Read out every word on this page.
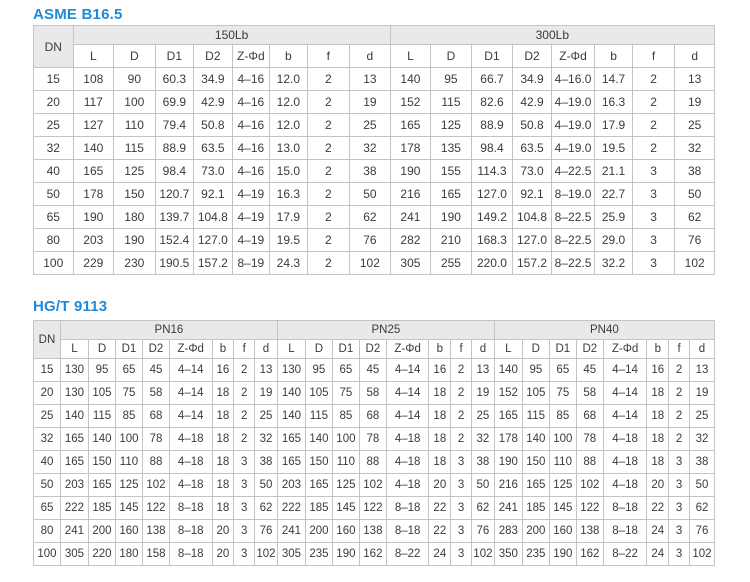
ASME B16.5
DN	150Lb								300Lb							
	L	D	D1	D2	Z-Φd	b	f	d	L	D	D1	D2	Z-Φd	b	f	d
15	108	90	60.3	34.9	4–16	12.0	2	13	140	95	66.7	34.9	4–16.0	14.7	2	13
20	117	100	69.9	42.9	4–16	12.0	2	19	152	115	82.6	42.9	4–19.0	16.3	2	19
25	127	110	79.4	50.8	4–16	12.0	2	25	165	125	88.9	50.8	4–19.0	17.9	2	25
32	140	115	88.9	63.5	4–16	13.0	2	32	178	135	98.4	63.5	4–19.0	19.5	2	32
40	165	125	98.4	73.0	4–16	15.0	2	38	190	155	114.3	73.0	4–22.5	21.1	3	38
50	178	150	120.7	92.1	4–19	16.3	2	50	216	165	127.0	92.1	8–19.0	22.7	3	50
65	190	180	139.7	104.8	4–19	17.9	2	62	241	190	149.2	104.8	8–22.5	25.9	3	62
80	203	190	152.4	127.0	4–19	19.5	2	76	282	210	168.3	127.0	8–22.5	29.0	3	76
100	229	230	190.5	157.2	8–19	24.3	2	102	305	255	220.0	157.2	8–22.5	32.2	3	102
HG/T 9113
DN	PN16								PN25								PN40							
	L	D	D1	D2	Z-Φd	b	f	d	L	D	D1	D2	Z-Φd	b	f	d	L	D	D1	D2	Z-Φd	b	f	d
15	130	95	65	45	4–14	16	2	13	130	95	65	45	4–14	16	2	13	140	95	65	45	4–14	16	2	13
20	130	105	75	58	4–14	18	2	19	140	105	75	58	4–14	18	2	19	152	105	75	58	4–14	18	2	19
25	140	115	85	68	4–14	18	2	25	140	115	85	68	4–14	18	2	25	165	115	85	68	4–14	18	2	25
32	165	140	100	78	4–18	18	2	32	165	140	100	78	4–18	18	2	32	178	140	100	78	4–18	18	2	32
40	165	150	110	88	4–18	18	3	38	165	150	110	88	4–18	18	3	38	190	150	110	88	4–18	18	3	38
50	203	165	125	102	4–18	18	3	50	203	165	125	102	4–18	20	3	50	216	165	125	102	4–18	20	3	50
65	222	185	145	122	8–18	18	3	62	222	185	145	122	8–18	22	3	62	241	185	145	122	8–18	22	3	62
80	241	200	160	138	8–18	20	3	76	241	200	160	138	8–18	22	3	76	283	200	160	138	8–18	24	3	76
100	305	220	180	158	8–18	20	3	102	305	235	190	162	8–22	24	3	102	350	235	190	162	8–22	24	3	102
